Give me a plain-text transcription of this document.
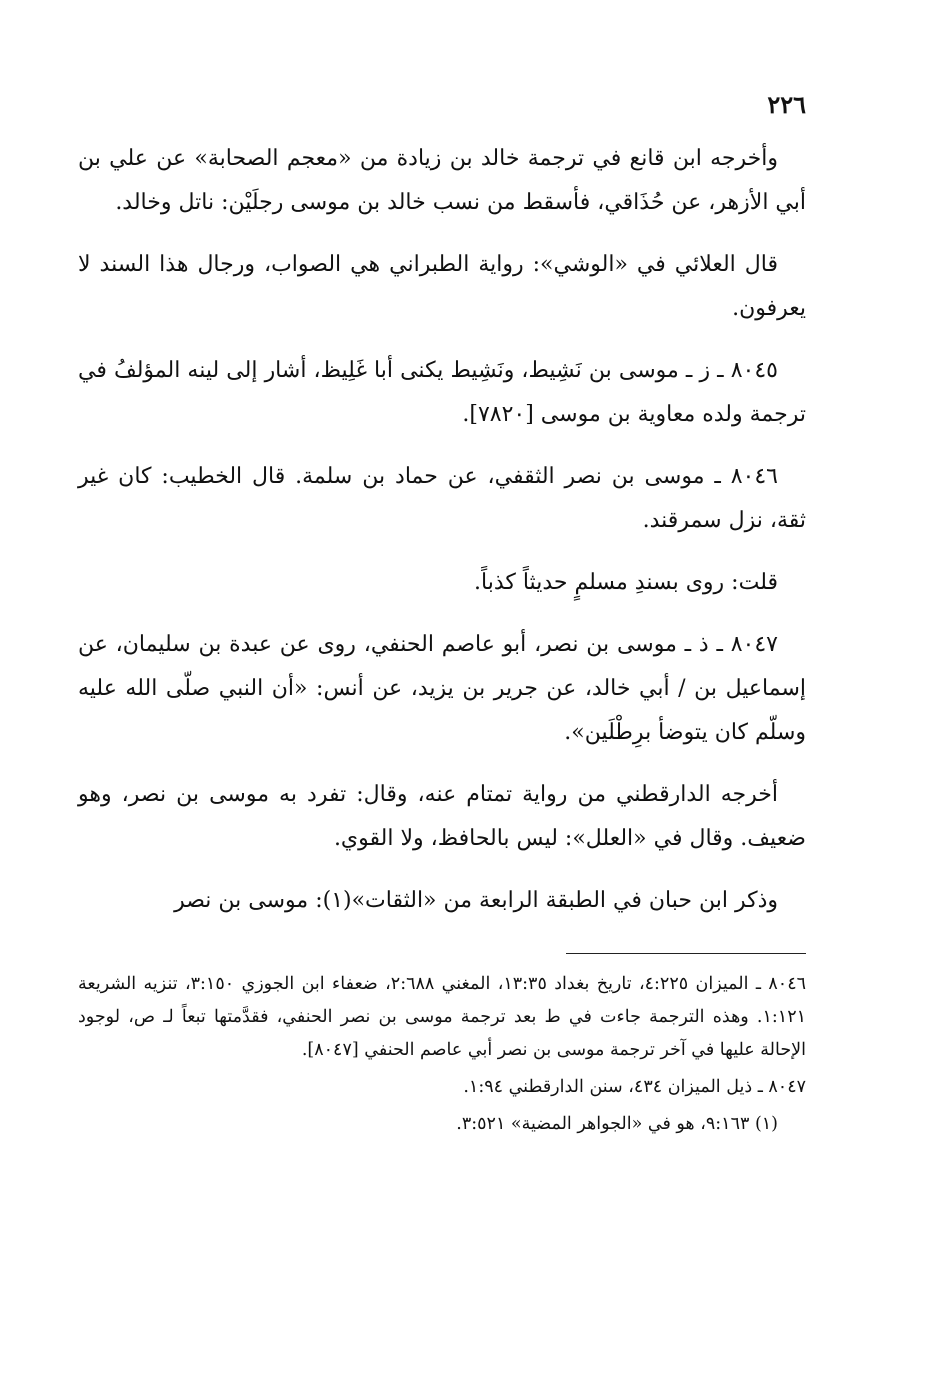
٢٢٦

وأخرجه ابن قانع في ترجمة خالد بن زيادة من «معجم الصحابة» عن علي بن أبي الأزهر، عن حُذَاقي، فأسقط من نسب خالد بن موسى رجلَيْن: ناتل وخالد.

قال العلائي في «الوشي»: رواية الطبراني هي الصواب، ورجال هذا السند لا يعرفون.

٨٠٤٥ ـ ز ـ موسى بن نَشِيط، ونَشِيط يكنى أبا غَلِيظ، أشار إلى لينه المؤلفُ في ترجمة ولده معاوية بن موسى [٧٨٢٠].

٨٠٤٦ ـ موسى بن نصر الثقفي، عن حماد بن سلمة. قال الخطيب: كان غير ثقة، نزل سمرقند.

قلت: روى بسندِ مسلمٍ حديثاً كذباً.

٨٠٤٧ ـ ذ ـ موسى بن نصر، أبو عاصم الحنفي، روى عن عبدة بن سليمان، عن إسماعيل بن / أبي خالد، عن جرير بن يزيد، عن أنس: «أن النبي صلّى الله عليه وسلّم كان يتوضأ برِطْلَين».

أخرجه الدارقطني من رواية تمتام عنه، وقال: تفرد به موسى بن نصر، وهو ضعيف. وقال في «العلل»: ليس بالحافظ، ولا القوي.

وذكر ابن حبان في الطبقة الرابعة من «الثقات»(١): موسى بن نصر

٨٠٤٦ ـ الميزان ٤:٢٢٥، تاريخ بغداد ١٣:٣٥، المغني ٢:٦٨٨، ضعفاء ابن الجوزي ٣:١٥٠، تنزيه الشريعة ١:١٢١. وهذه الترجمة جاءت في ط بعد ترجمة موسى بن نصر الحنفي، فقدَّمتها تبعاً لـ ص، لوجود الإحالة عليها في آخر ترجمة موسى بن نصر أبي عاصم الحنفي [٨٠٤٧].

٨٠٤٧ ـ ذيل الميزان ٤٣٤، سنن الدارقطني ١:٩٤.

(١) ٩:١٦٣، هو في «الجواهر المضية» ٣:٥٢١.
